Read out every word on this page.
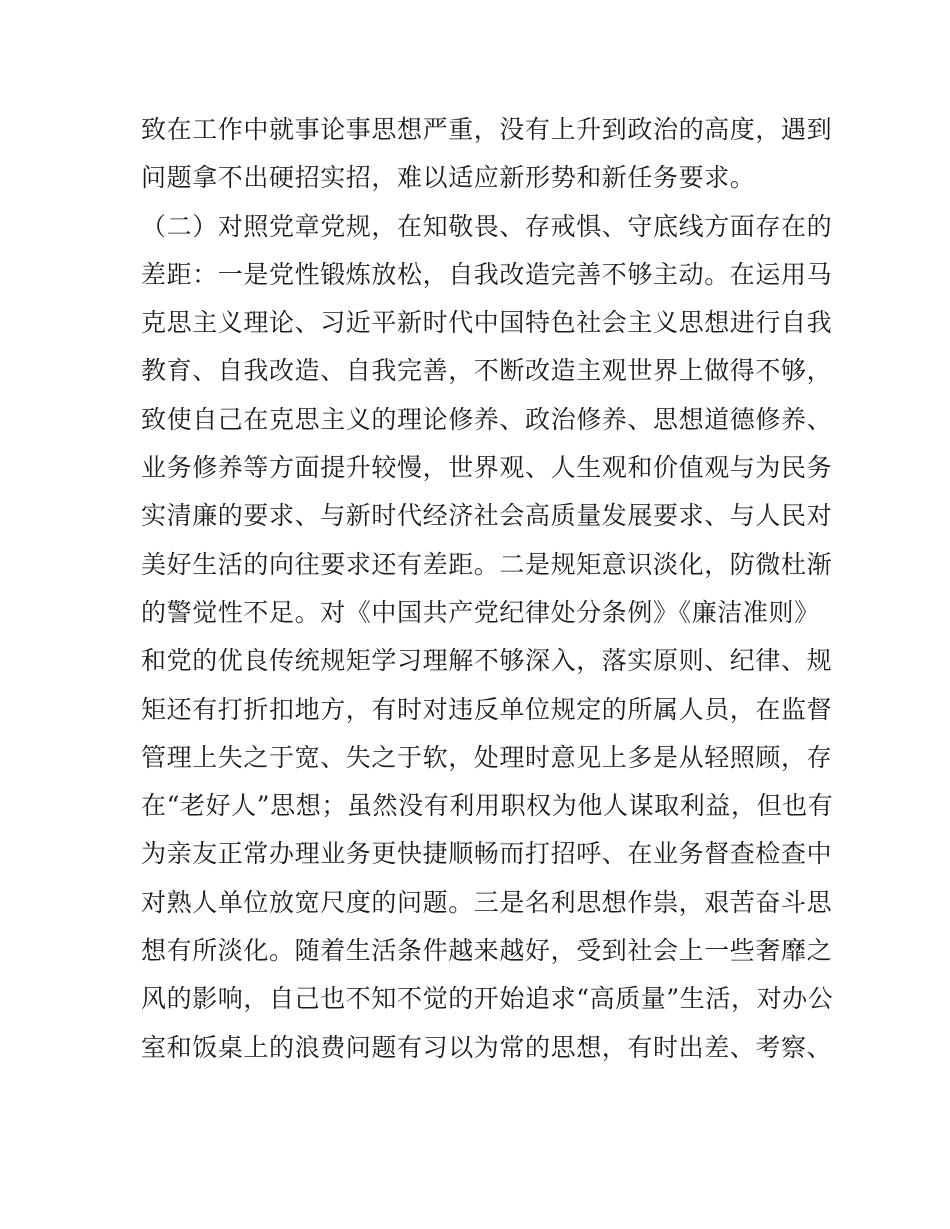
致在工作中就事论事思想严重，没有上升到政治的高度，遇到
问题拿不出硬招实招，难以适应新形势和新任务要求。
（二）对照党章党规，在知敬畏、存戒惧、守底线方面存在的
差距：一是党性锻炼放松，自我改造完善不够主动。在运用马
克思主义理论、习近平新时代中国特色社会主义思想进行自我
教育、自我改造、自我完善，不断改造主观世界上做得不够，
致使自己在克思主义的理论修养、政治修养、思想道德修养、
业务修养等方面提升较慢，世界观、人生观和价值观与为民务
实清廉的要求、与新时代经济社会高质量发展要求、与人民对
美好生活的向往要求还有差距。二是规矩意识淡化，防微杜渐
的警觉性不足。对《中国共产党纪律处分条例》《廉洁准则》
和党的优良传统规矩学习理解不够深入，落实原则、纪律、规
矩还有打折扣地方，有时对违反单位规定的所属人员，在监督
管理上失之于宽、失之于软，处理时意见上多是从轻照顾，存
在“老好人”思想；虽然没有利用职权为他人谋取利益，但也有
为亲友正常办理业务更快捷顺畅而打招呼、在业务督查检查中
对熟人单位放宽尺度的问题。三是名利思想作祟，艰苦奋斗思
想有所淡化。随着生活条件越来越好，受到社会上一些奢靡之
风的影响，自己也不知不觉的开始追求“高质量”生活，对办公
室和饭桌上的浪费问题有习以为常的思想，有时出差、考察、
